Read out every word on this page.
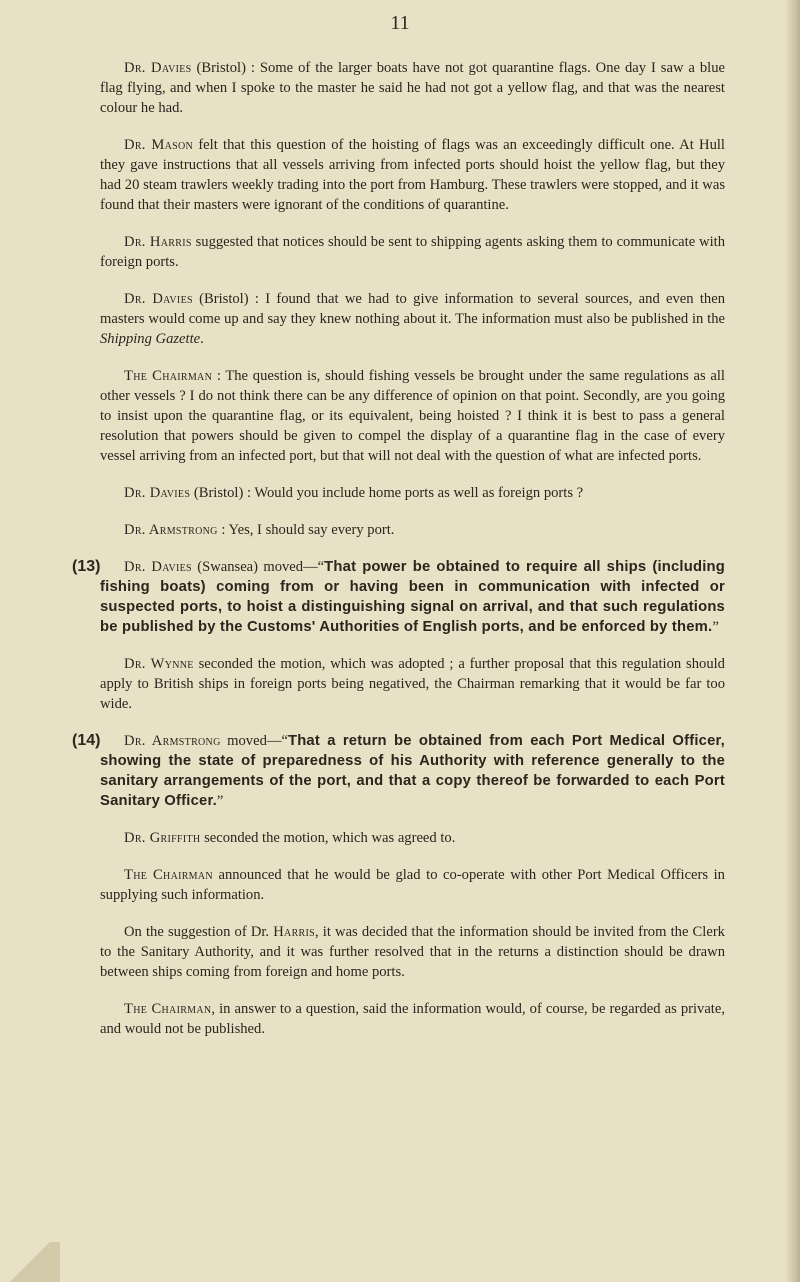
11

Dr. Davies (Bristol) : Some of the larger boats have not got quarantine flags. One day I saw a blue flag flying, and when I spoke to the master he said he had not got a yellow flag, and that was the nearest colour he had.

Dr. Mason felt that this question of the hoisting of flags was an exceedingly difficult one. At Hull they gave instructions that all vessels arriving from infected ports should hoist the yellow flag, but they had 20 steam trawlers weekly trading into the port from Hamburg. These trawlers were stopped, and it was found that their masters were ignorant of the conditions of quarantine.

Dr. Harris suggested that notices should be sent to shipping agents asking them to communicate with foreign ports.

Dr. Davies (Bristol) : I found that we had to give information to several sources, and even then masters would come up and say they knew nothing about it. The information must also be published in the Shipping Gazette.

The Chairman : The question is, should fishing vessels be brought under the same regulations as all other vessels ? I do not think there can be any difference of opinion on that point. Secondly, are you going to insist upon the quarantine flag, or its equivalent, being hoisted ? I think it is best to pass a general resolution that powers should be given to compel the display of a quarantine flag in the case of every vessel arriving from an infected port, but that will not deal with the question of what are infected ports.

Dr. Davies (Bristol) : Would you include home ports as well as foreign ports ?

Dr. Armstrong : Yes, I should say every port.

(13) Dr. Davies (Swansea) moved—“That power be obtained to require all ships (including fishing boats) coming from or having been in communication with infected or suspected ports, to hoist a distinguishing signal on arrival, and that such regulations be published by the Customs' Authorities of English ports, and be enforced by them.”

Dr. Wynne seconded the motion, which was adopted ; a further proposal that this regulation should apply to British ships in foreign ports being negatived, the Chairman remarking that it would be far too wide.

(14) Dr. Armstrong moved—“That a return be obtained from each Port Medical Officer, showing the state of preparedness of his Authority with reference generally to the sanitary arrangements of the port, and that a copy thereof be forwarded to each Port Sanitary Officer.”

Dr. Griffith seconded the motion, which was agreed to.

The Chairman announced that he would be glad to co-operate with other Port Medical Officers in supplying such information.

On the suggestion of Dr. Harris, it was decided that the information should be invited from the Clerk to the Sanitary Authority, and it was further resolved that in the returns a distinction should be drawn between ships coming from foreign and home ports.

The Chairman, in answer to a question, said the information would, of course, be regarded as private, and would not be published.
